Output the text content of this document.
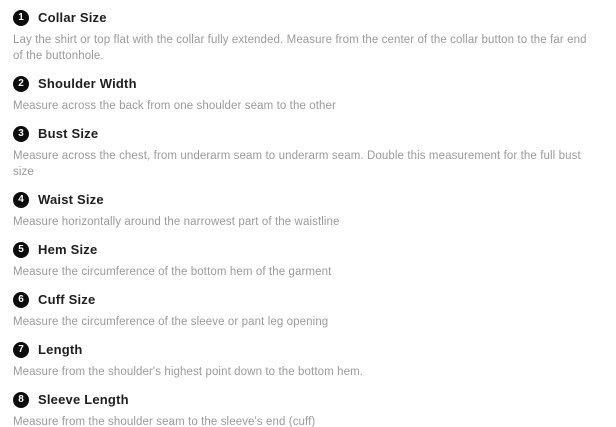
1	Collar Size
Lay the shirt or top flat with the collar fully extended. Measure from the center of the collar button to the far end of the buttonhole.
2	Shoulder Width
Measure across the back from one shoulder seam to the other
3	Bust Size
Measure across the chest, from underarm seam to underarm seam. Double this measurement for the full bust size
4	Waist Size
Measure horizontally around the narrowest part of the waistline
5	Hem Size
Measure the circumference of the bottom hem of the garment
6	Cuff Size
Measure the circumference of the sleeve or pant leg opening
7	Length
Measure from the shoulder's highest point down to the bottom hem.
8	Sleeve Length
Measure from the shoulder seam to the sleeve's end (cuff)
